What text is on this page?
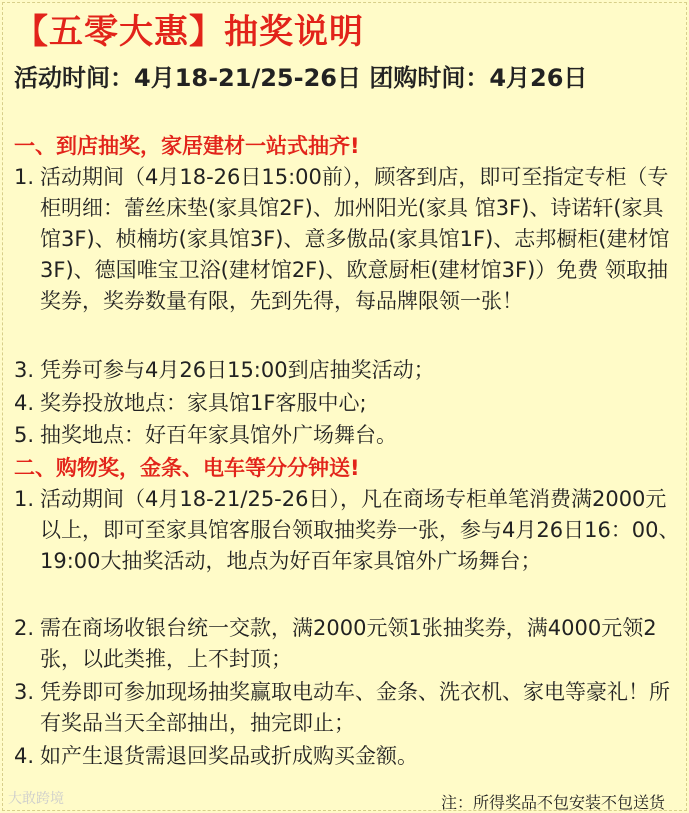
【五零大惠】抽奖说明
活动时间：4月18-21/25-26日 团购时间：4月26日
一、到店抽奖，家居建材一站式抽齐!
1. 活动期间（4月18-26日15:00前），顾客到店，即可至指定专柜（专柜明细：蕾丝床垫(家具馆2F)、加州阳光(家具 馆3F)、诗诺轩(家具馆3F)、桢楠坊(家具馆3F)、意多傲品(家具馆1F)、志邦橱柜(建材馆3F)、德国唯宝卫浴(建材馆2F)、欧意厨柜(建材馆3F)）免费 领取抽奖券，奖券数量有限，先到先得，每品牌限领一张！
3. 凭券可参与4月26日15:00到店抽奖活动；
4. 奖券投放地点：家具馆1F客服中心;
5. 抽奖地点：好百年家具馆外广场舞台。
二、购物奖，金条、电车等分分钟送!
1. 活动期间（4月18-21/25-26日），凡在商场专柜单笔消费满2000元以上，即可至家具馆客服台领取抽奖券一张，参与4月26日16：00、19:00大抽奖活动，地点为好百年家具馆外广场舞台；
2. 需在商场收银台统一交款，满2000元领1张抽奖券，满4000元领2张，以此类推，上不封顶；
3. 凭券即可参加现场抽奖赢取电动车、金条、洗衣机、家电等豪礼！所有奖品当天全部抽出，抽完即止；
4. 如产生退货需退回奖品或折成购买金额。
大敢跨境	注：所得奖品不包安装不包送货
